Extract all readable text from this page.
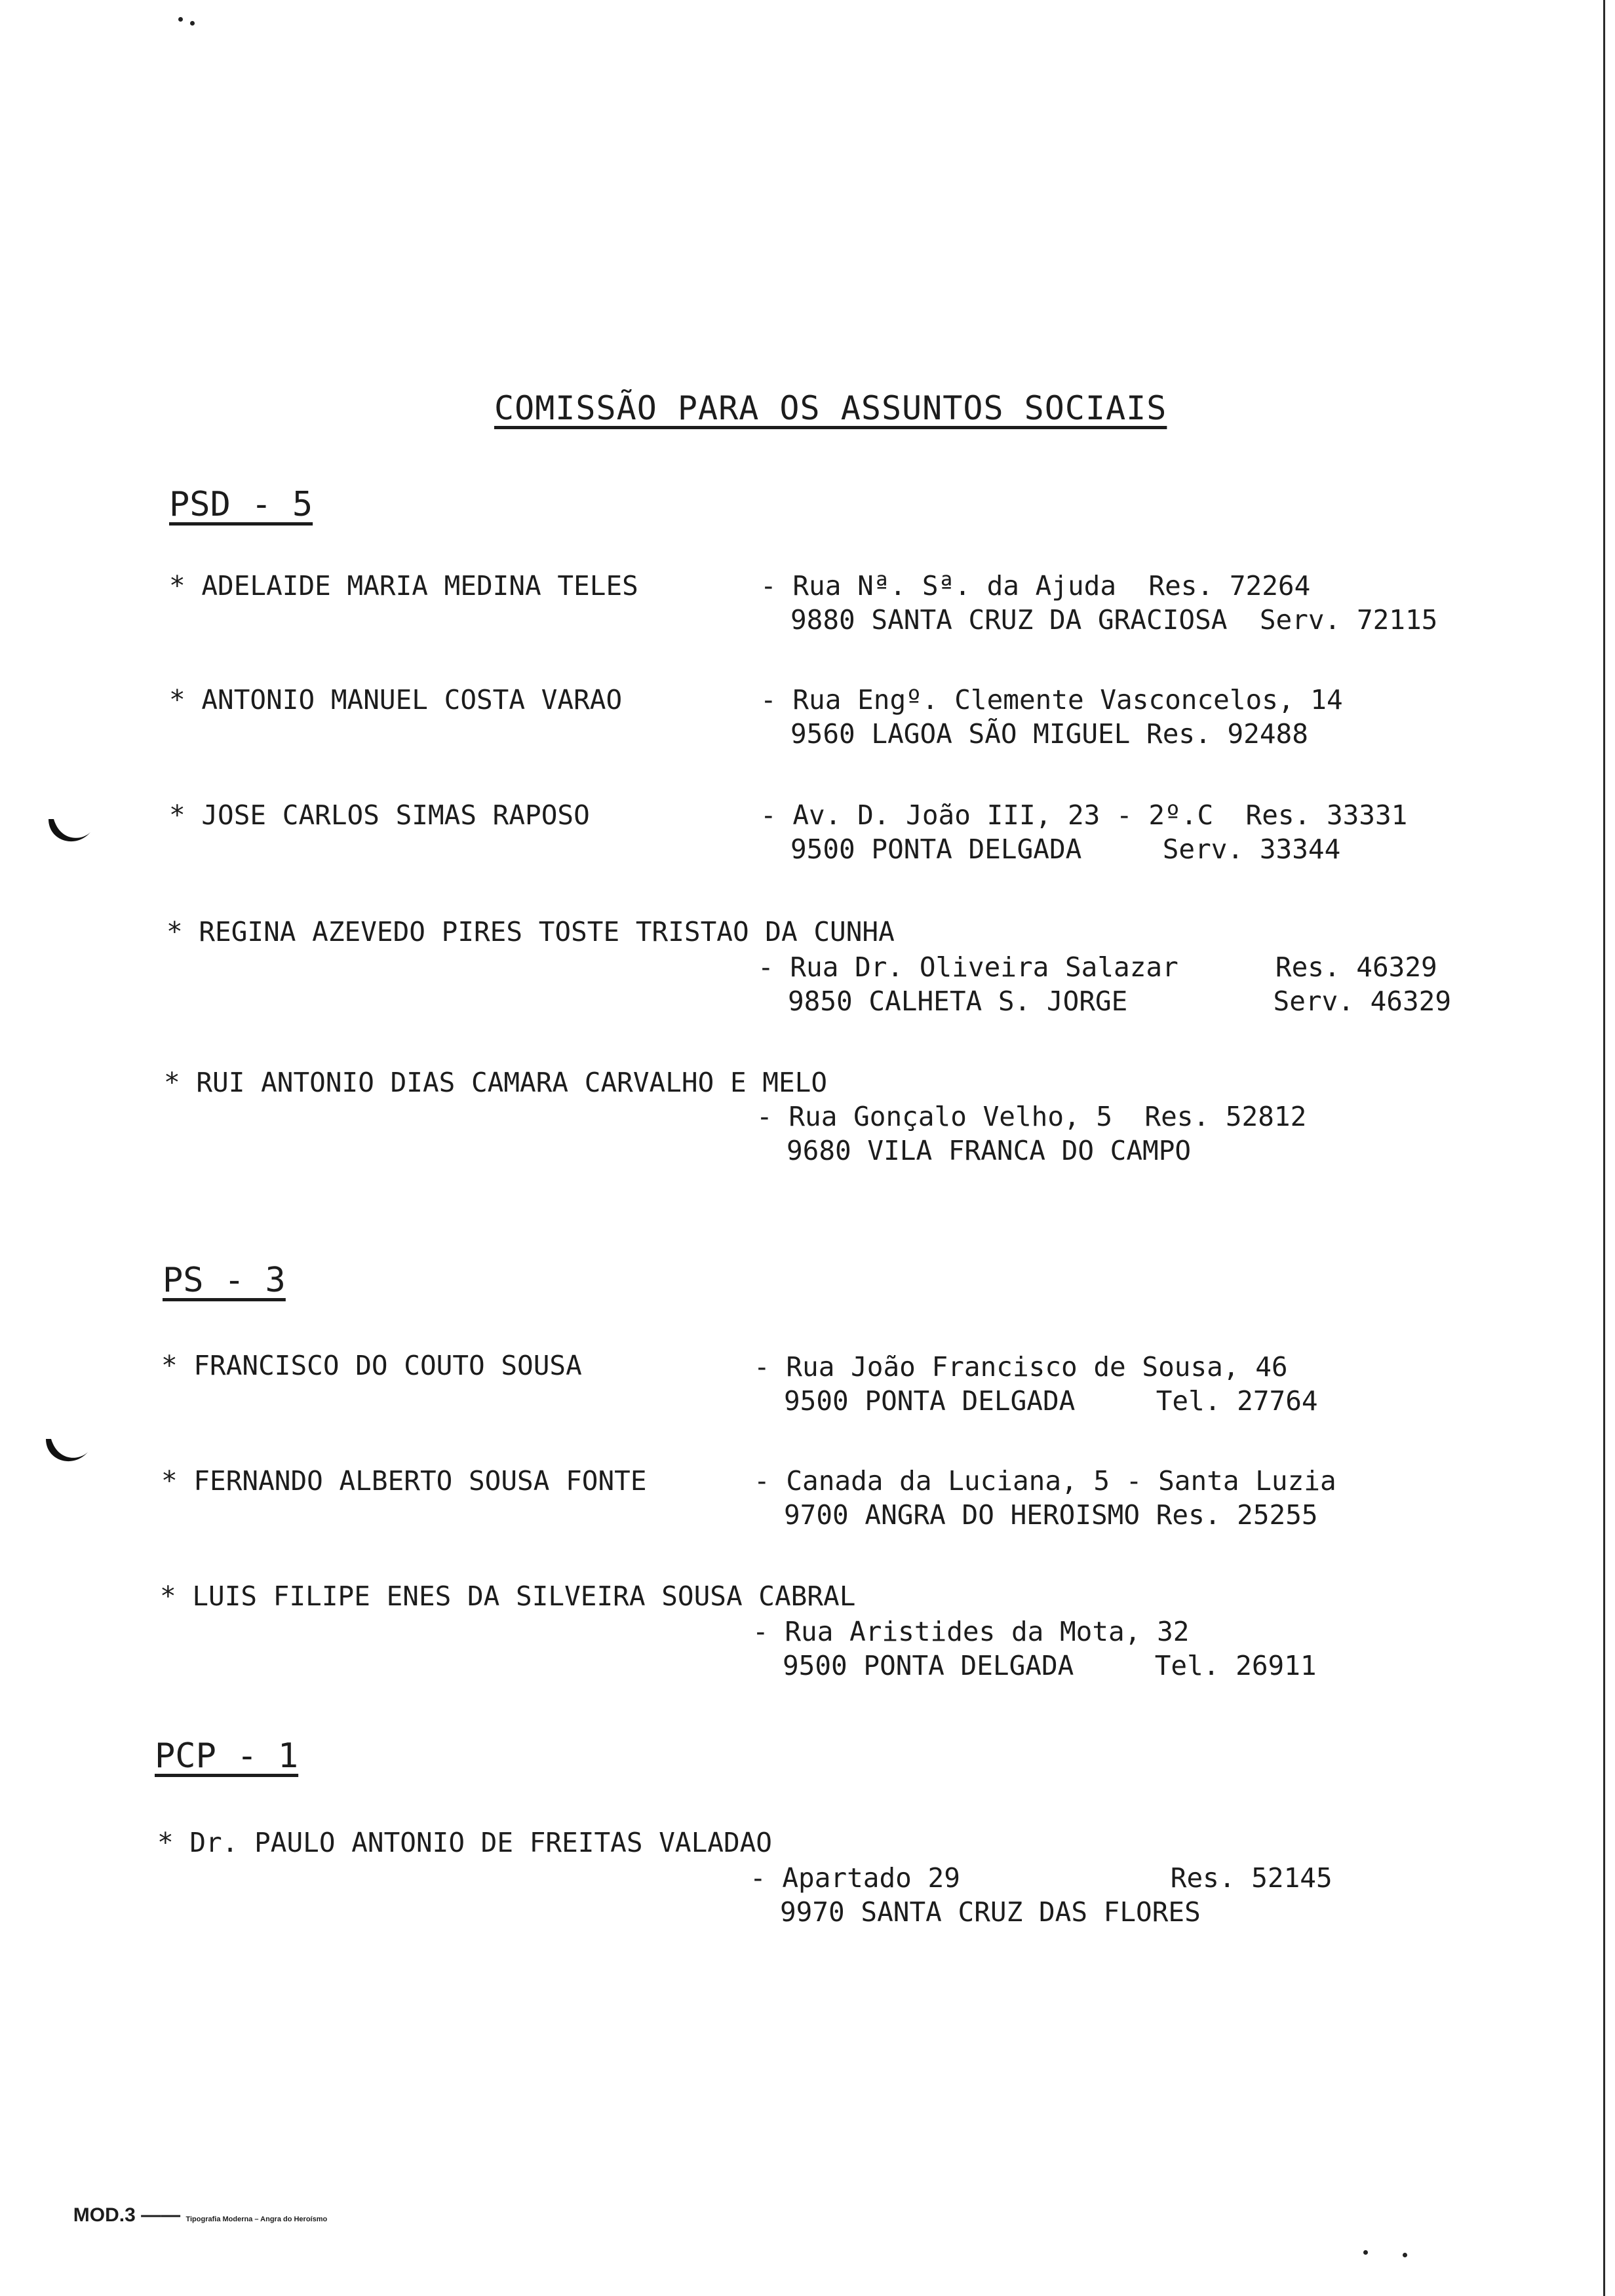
COMISSÃO PARA OS ASSUNTOS SOCIAIS
PSD - 5
* ADELAIDE MARIA MEDINA TELES	- Rua Nª. Sª. da Ajuda  Res. 72264
9880 SANTA CRUZ DA GRACIOSA  Serv. 72115
* ANTONIO MANUEL COSTA VARAO	- Rua Engº. Clemente Vasconcelos, 14
9560 LAGOA SÃO MIGUEL Res. 92488
* JOSE CARLOS SIMAS RAPOSO	- Av. D. João III, 23 - 2º.C  Res. 33331
9500 PONTA DELGADA     Serv. 33344
* REGINA AZEVEDO PIRES TOSTE TRISTAO DA CUNHA
- Rua Dr. Oliveira Salazar      Res. 46329
9850 CALHETA S. JORGE         Serv. 46329
* RUI ANTONIO DIAS CAMARA CARVALHO E MELO
- Rua Gonçalo Velho, 5  Res. 52812
9680 VILA FRANCA DO CAMPO
PS - 3
* FRANCISCO DO COUTO SOUSA	- Rua João Francisco de Sousa, 46
9500 PONTA DELGADA     Tel. 27764
* FERNANDO ALBERTO SOUSA FONTE	- Canada da Luciana, 5 - Santa Luzia
9700 ANGRA DO HEROISMO Res. 25255
* LUIS FILIPE ENES DA SILVEIRA SOUSA CABRAL
- Rua Aristides da Mota, 32
9500 PONTA DELGADA     Tel. 26911
PCP - 1
* Dr. PAULO ANTONIO DE FREITAS VALADAO
- Apartado 29             Res. 52145
9970 SANTA CRUZ DAS FLORES

MOD.3 —— Tipografia Moderna – Angra do Heroísmo
